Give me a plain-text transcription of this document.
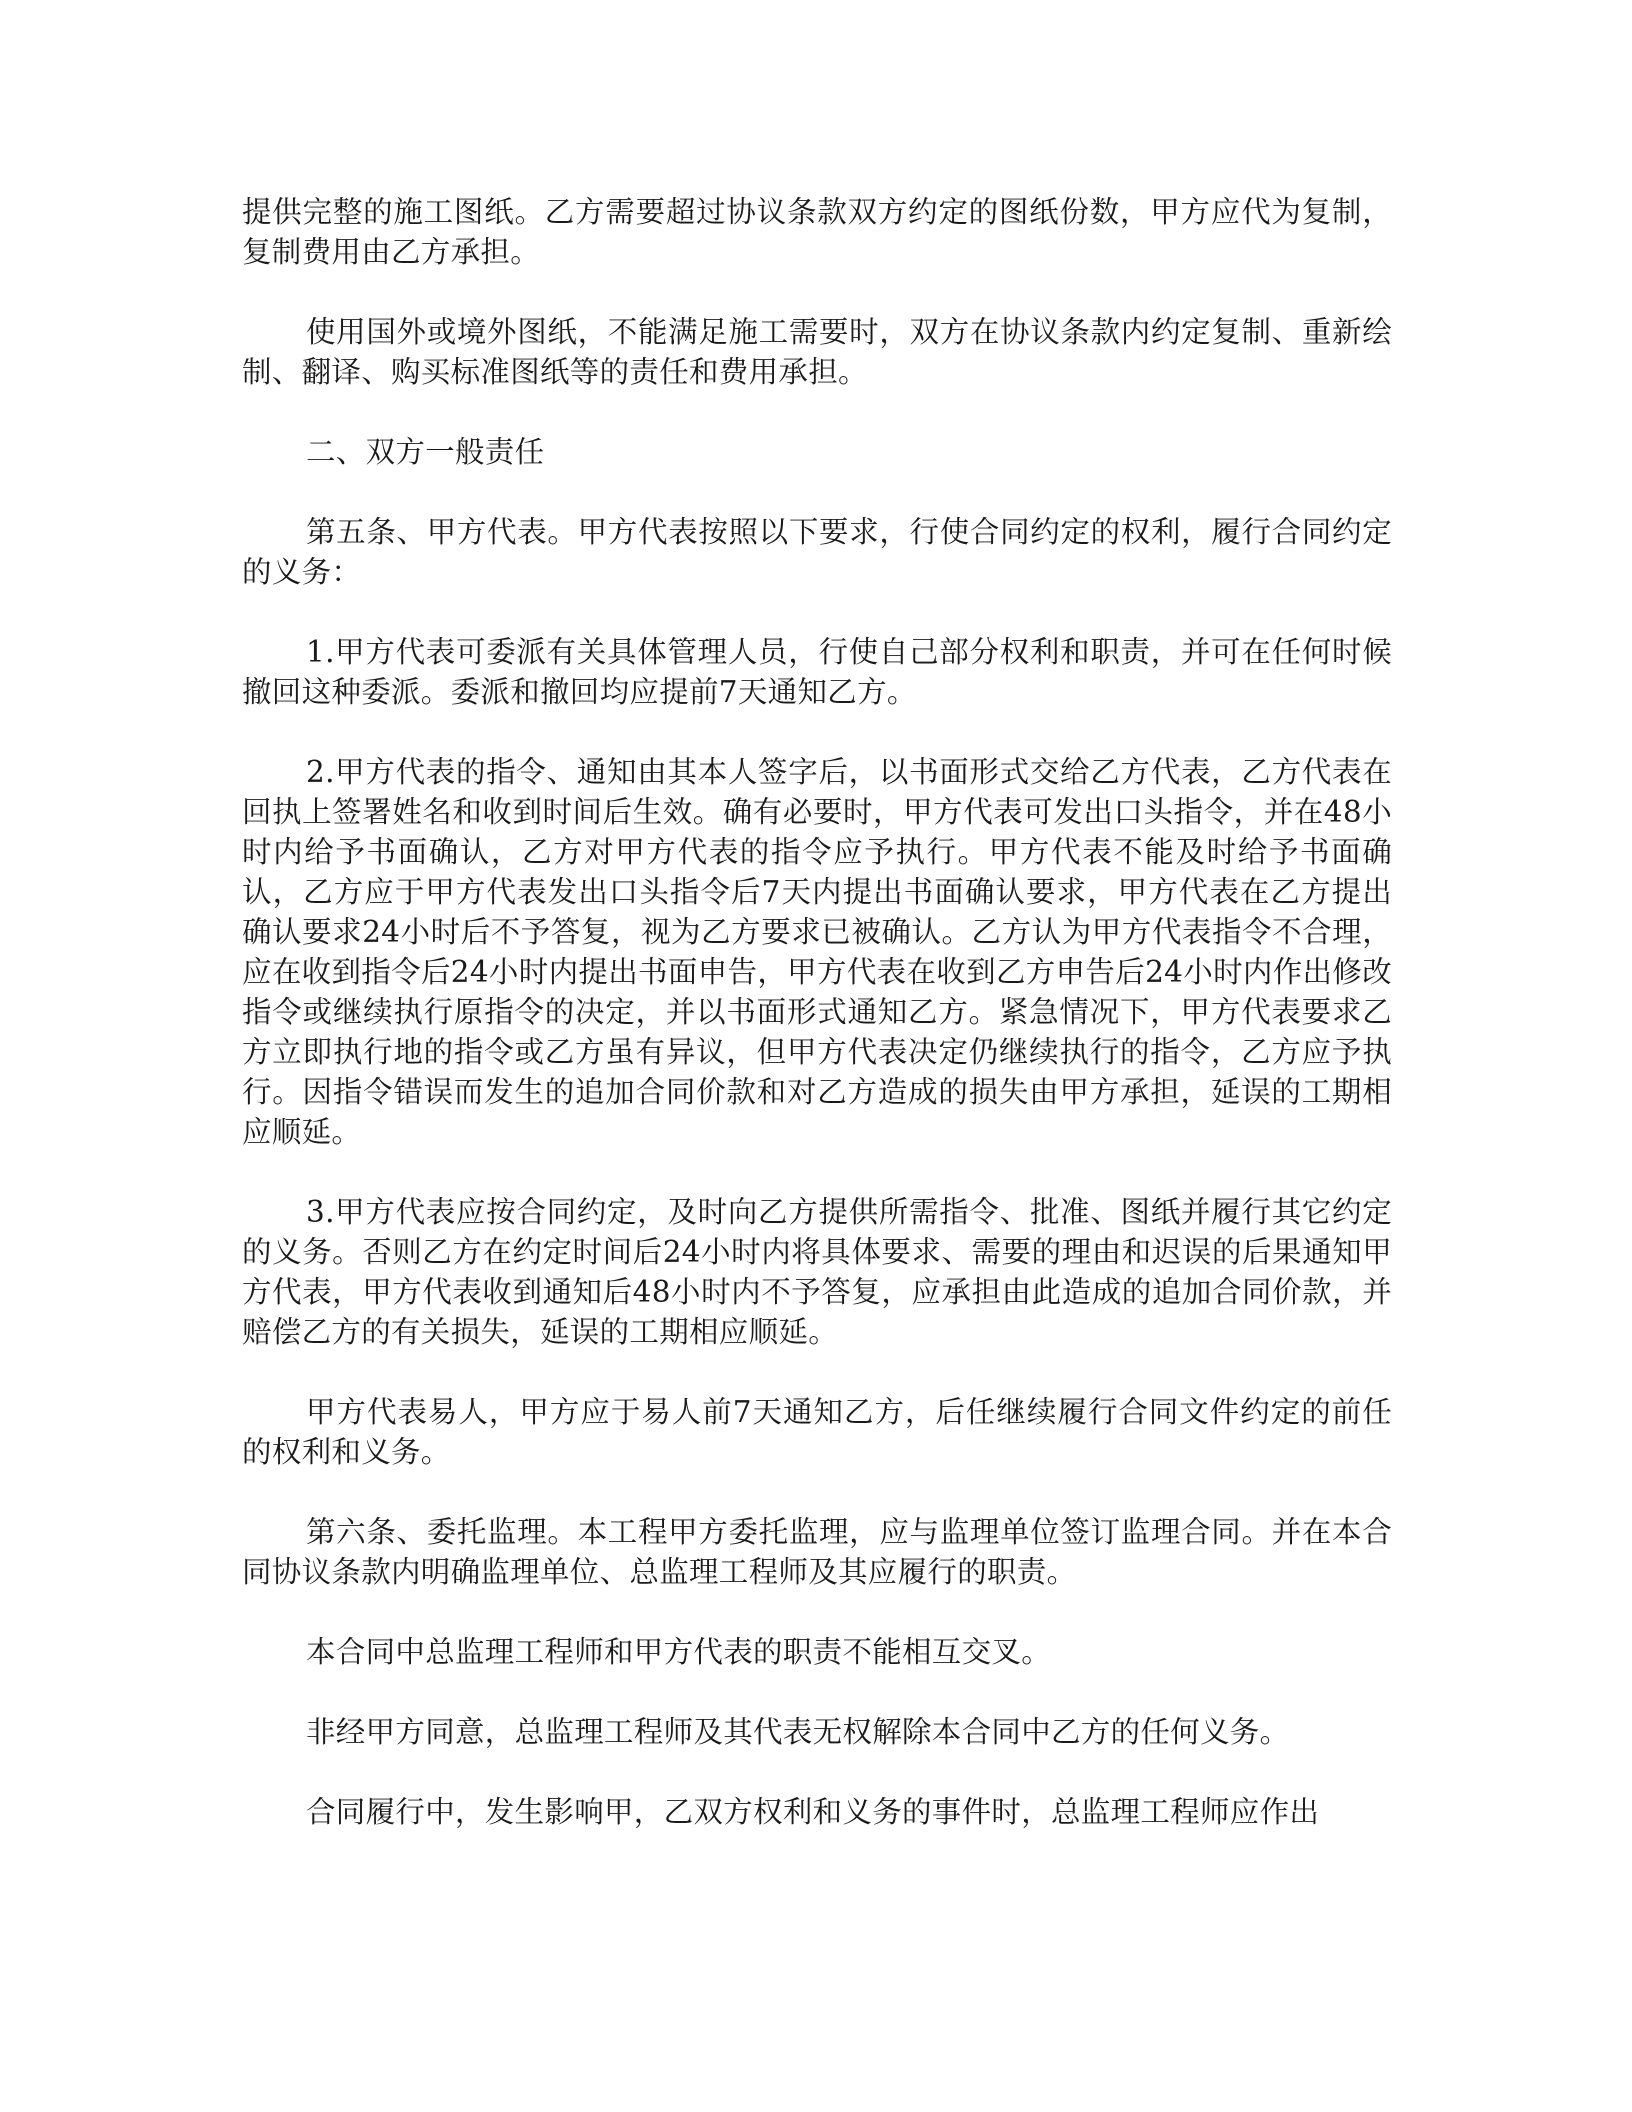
提供完整的施工图纸。乙方需要超过协议条款双方约定的图纸份数，甲方应代为复制，复制费用由乙方承担。

使用国外或境外图纸，不能满足施工需要时，双方在协议条款内约定复制、重新绘制、翻译、购买标准图纸等的责任和费用承担。

二、双方一般责任

第五条、甲方代表。甲方代表按照以下要求，行使合同约定的权利，履行合同约定的义务：

1.甲方代表可委派有关具体管理人员，行使自己部分权利和职责，并可在任何时候撤回这种委派。委派和撤回均应提前7天通知乙方。

2.甲方代表的指令、通知由其本人签字后，以书面形式交给乙方代表，乙方代表在回执上签署姓名和收到时间后生效。确有必要时，甲方代表可发出口头指令，并在48小时内给予书面确认，乙方对甲方代表的指令应予执行。甲方代表不能及时给予书面确认，乙方应于甲方代表发出口头指令后7天内提出书面确认要求，甲方代表在乙方提出确认要求24小时后不予答复，视为乙方要求已被确认。乙方认为甲方代表指令不合理，应在收到指令后24小时内提出书面申告，甲方代表在收到乙方申告后24小时内作出修改指令或继续执行原指令的决定，并以书面形式通知乙方。紧急情况下，甲方代表要求乙方立即执行地的指令或乙方虽有异议，但甲方代表决定仍继续执行的指令，乙方应予执行。因指令错误而发生的追加合同价款和对乙方造成的损失由甲方承担，延误的工期相应顺延。

3.甲方代表应按合同约定，及时向乙方提供所需指令、批准、图纸并履行其它约定的义务。否则乙方在约定时间后24小时内将具体要求、需要的理由和迟误的后果通知甲方代表，甲方代表收到通知后48小时内不予答复，应承担由此造成的追加合同价款，并赔偿乙方的有关损失，延误的工期相应顺延。

甲方代表易人，甲方应于易人前7天通知乙方，后任继续履行合同文件约定的前任的权利和义务。

第六条、委托监理。本工程甲方委托监理，应与监理单位签订监理合同。并在本合同协议条款内明确监理单位、总监理工程师及其应履行的职责。

本合同中总监理工程师和甲方代表的职责不能相互交叉。

非经甲方同意，总监理工程师及其代表无权解除本合同中乙方的任何义务。

合同履行中，发生影响甲，乙双方权利和义务的事件时，总监理工程师应作出
